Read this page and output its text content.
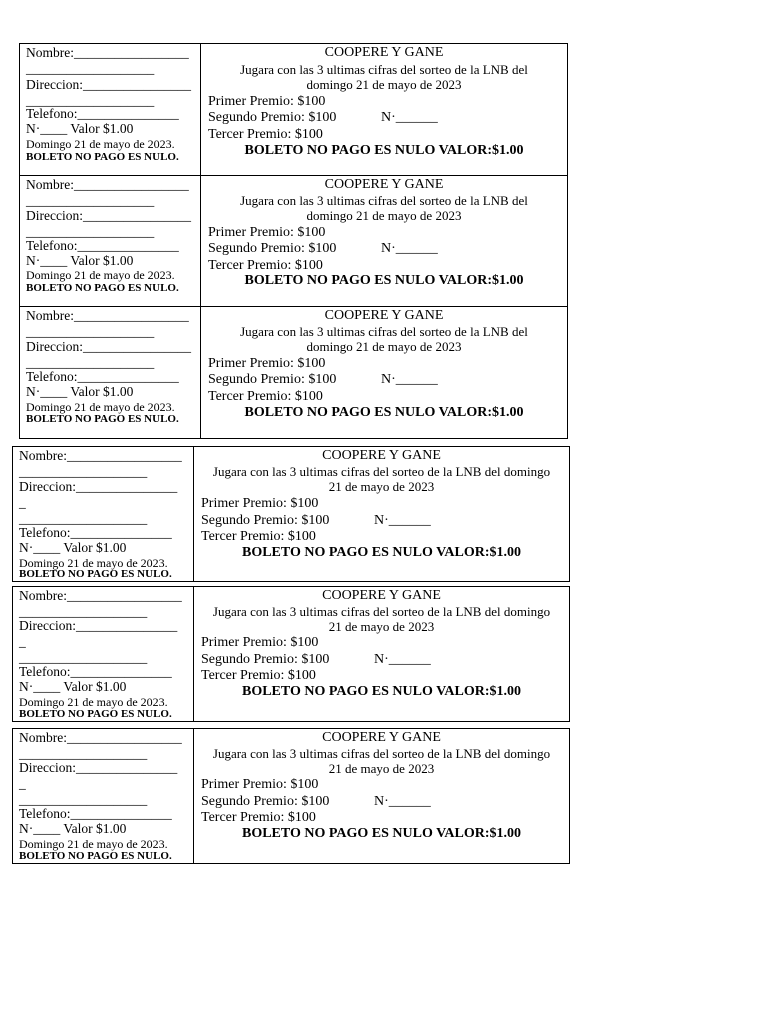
Nombre:_________________
___________________
Direccion:________________
___________________
Telefono:_______________
N·____ Valor $1.00
Domingo 21 de mayo de 2023.
BOLETO NO PAGO ES NULO.
COOPERE Y GANE
Jugara con las 3 ultimas cifras del sorteo de la LNB del domingo 21 de mayo de 2023
Primer Premio: $100
Segundo Premio: $100	N·______
Tercer Premio: $100
BOLETO NO PAGO ES NULO VALOR:$1.00
Nombre:_________________
___________________
Direccion:________________
___________________
Telefono:_______________
N·____ Valor $1.00
Domingo 21 de mayo de 2023.
BOLETO NO PAGO ES NULO.
COOPERE Y GANE
Jugara con las 3 ultimas cifras del sorteo de la LNB del domingo 21 de mayo de 2023
Primer Premio: $100
Segundo Premio: $100	N·______
Tercer Premio: $100
BOLETO NO PAGO ES NULO VALOR:$1.00
Nombre:_________________
___________________
Direccion:________________
___________________
Telefono:_______________
N·____ Valor $1.00
Domingo 21 de mayo de 2023.
BOLETO NO PAGO ES NULO.
COOPERE Y GANE
Jugara con las 3 ultimas cifras del sorteo de la LNB del domingo 21 de mayo de 2023
Primer Premio: $100
Segundo Premio: $100	N·______
Tercer Premio: $100
BOLETO NO PAGO ES NULO VALOR:$1.00
Nombre:_________________
___________________
Direccion:_______________
_
___________________
Telefono:_______________
N·____ Valor $1.00
Domingo 21 de mayo de 2023.
BOLETO NO PAGO ES NULO.
COOPERE Y GANE
Jugara con las 3 ultimas cifras del sorteo de la LNB del domingo 21 de mayo de 2023
Primer Premio: $100
Segundo Premio: $100	N·______
Tercer Premio: $100
BOLETO NO PAGO ES NULO VALOR:$1.00
Nombre:_________________
___________________
Direccion:_______________
_
___________________
Telefono:_______________
N·____ Valor $1.00
Domingo 21 de mayo de 2023.
BOLETO NO PAGO ES NULO.
COOPERE Y GANE
Jugara con las 3 ultimas cifras del sorteo de la LNB del domingo 21 de mayo de 2023
Primer Premio: $100
Segundo Premio: $100	N·______
Tercer Premio: $100
BOLETO NO PAGO ES NULO VALOR:$1.00
Nombre:_________________
___________________
Direccion:_______________
_
___________________
Telefono:_______________
N·____ Valor $1.00
Domingo 21 de mayo de 2023.
BOLETO NO PAGO ES NULO.
COOPERE Y GANE
Jugara con las 3 ultimas cifras del sorteo de la LNB del domingo 21 de mayo de 2023
Primer Premio: $100
Segundo Premio: $100	N·______
Tercer Premio: $100
BOLETO NO PAGO ES NULO VALOR:$1.00
